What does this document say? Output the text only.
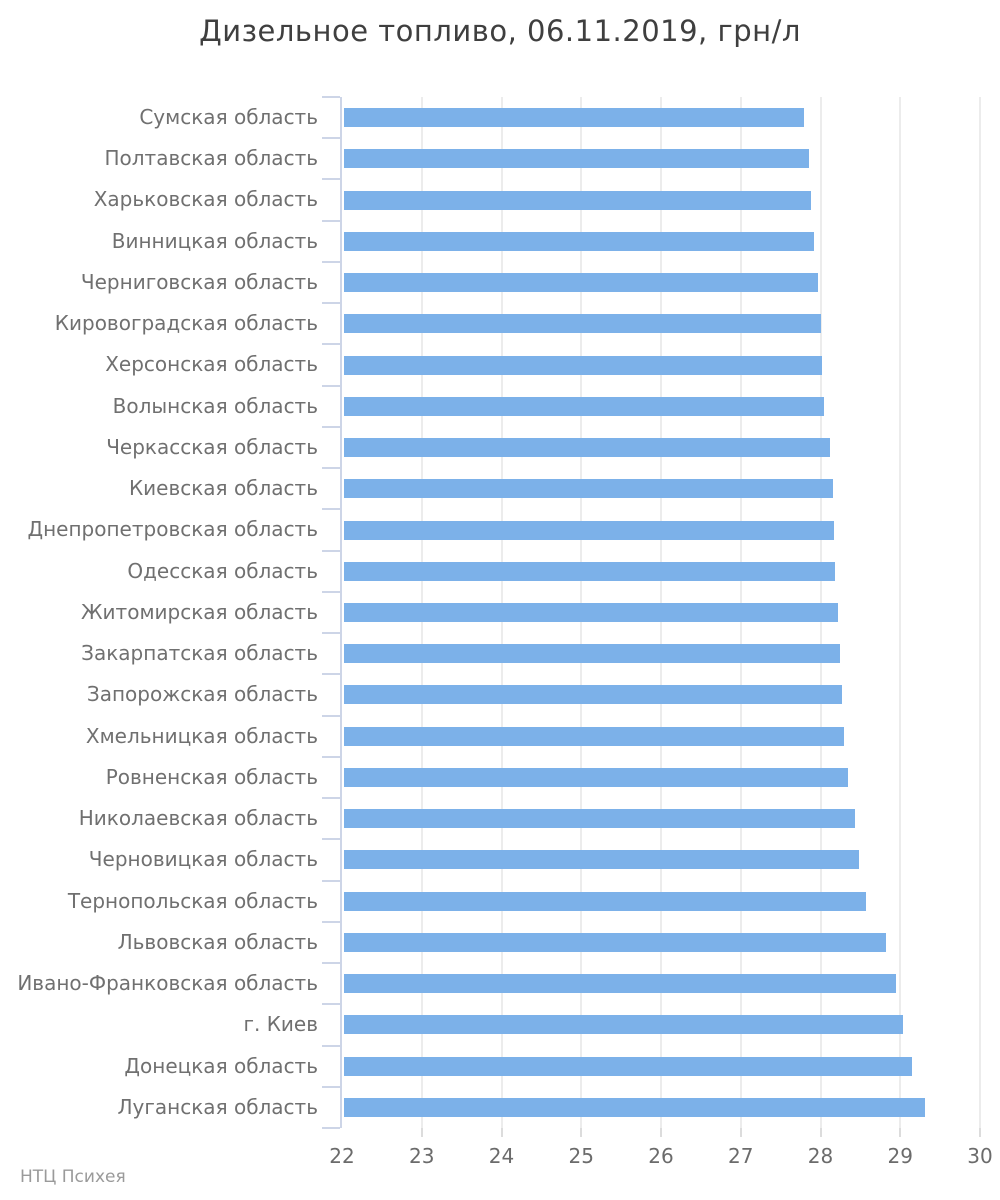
Дизельное топливо, 06.11.2019, грн/л
Сумская область
Полтавская область
Харьковская область
Винницкая область
Черниговская область
Кировоградская область
Херсонская область
Волынская область
Черкасская область
Киевская область
Днепропетровская область
Одесская область
Житомирская область
Закарпатская область
Запорожская область
Хмельницкая область
Ровненская область
Николаевская область
Черновицкая область
Тернопольская область
Львовская область
Ивано-Франковская область
г. Киев
Донецкая область
Луганская область
22	23	24	25	26	27	28	29	30
НТЦ Психея
